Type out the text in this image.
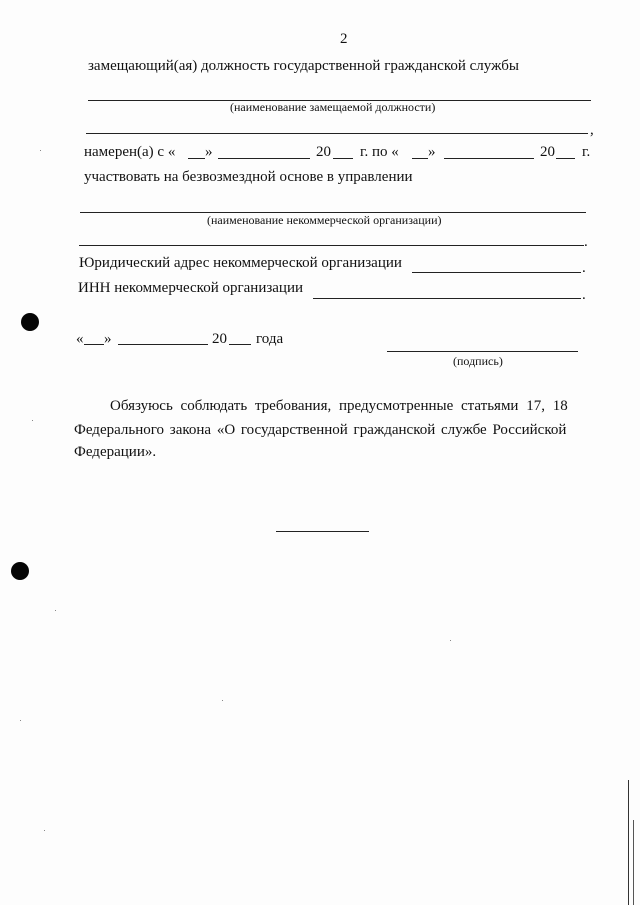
2
замещающий(ая) должность государственной гражданской службы
(наименование замещаемой должности)
,
намерен(а) с « »	20 г. по « »	20 г.
участвовать на безвозмездной основе в управлении
(наименование некоммерческой организации)
.
Юридический адрес некоммерческой организации	.
ИНН некоммерческой организации	.
« »	20 года
(подпись)
Обязуюсь соблюдать требования, предусмотренные статьями 17, 18
Федерального закона «О государственной гражданской службе Российской
Федерации».
